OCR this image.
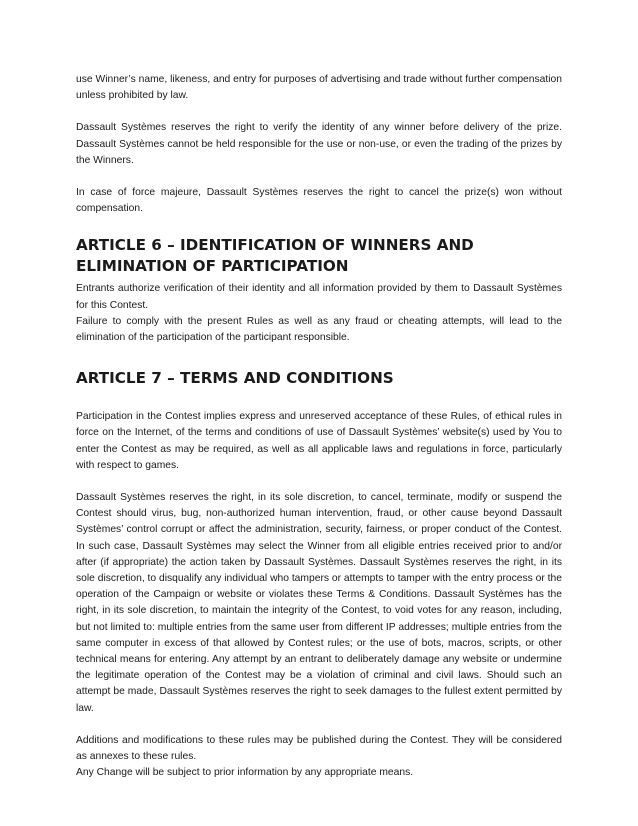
use Winner’s name, likeness, and entry for purposes of advertising and trade without further compensation unless prohibited by law.

Dassault Systèmes reserves the right to verify the identity of any winner before delivery of the prize. Dassault Systèmes cannot be held responsible for the use or non-use, or even the trading of the prizes by the Winners.

In case of force majeure, Dassault Systèmes reserves the right to cancel the prize(s) won without compensation.

ARTICLE 6 – IDENTIFICATION OF WINNERS AND ELIMINATION OF PARTICIPATION

Entrants authorize verification of their identity and all information provided by them to Dassault Systèmes for this Contest.

Failure to comply with the present Rules as well as any fraud or cheating attempts, will lead to the elimination of the participation of the participant responsible.

ARTICLE 7 – TERMS AND CONDITIONS

Participation in the Contest implies express and unreserved acceptance of these Rules, of ethical rules in force on the Internet, of the terms and conditions of use of Dassault Systèmes’ website(s) used by You to enter the Contest as may be required, as well as all applicable laws and regulations in force, particularly with respect to games.

Dassault Systèmes reserves the right, in its sole discretion, to cancel, terminate, modify or suspend the Contest should virus, bug, non-authorized human intervention, fraud, or other cause beyond Dassault Systèmes’ control corrupt or affect the administration, security, fairness, or proper conduct of the Contest. In such case, Dassault Systèmes may select the Winner from all eligible entries received prior to and/or after (if appropriate) the action taken by Dassault Systèmes. Dassault Systèmes reserves the right, in its sole discretion, to disqualify any individual who tampers or attempts to tamper with the entry process or the operation of the Campaign or website or violates these Terms & Conditions. Dassault Systèmes has the right, in its sole discretion, to maintain the integrity of the Contest, to void votes for any reason, including, but not limited to: multiple entries from the same user from different IP addresses; multiple entries from the same computer in excess of that allowed by Contest rules; or the use of bots, macros, scripts, or other technical means for entering. Any attempt by an entrant to deliberately damage any website or undermine the legitimate operation of the Contest may be a violation of criminal and civil laws. Should such an attempt be made, Dassault Systèmes reserves the right to seek damages to the fullest extent permitted by law.

Additions and modifications to these rules may be published during the Contest. They will be considered as annexes to these rules.

Any Change will be subject to prior information by any appropriate means.
